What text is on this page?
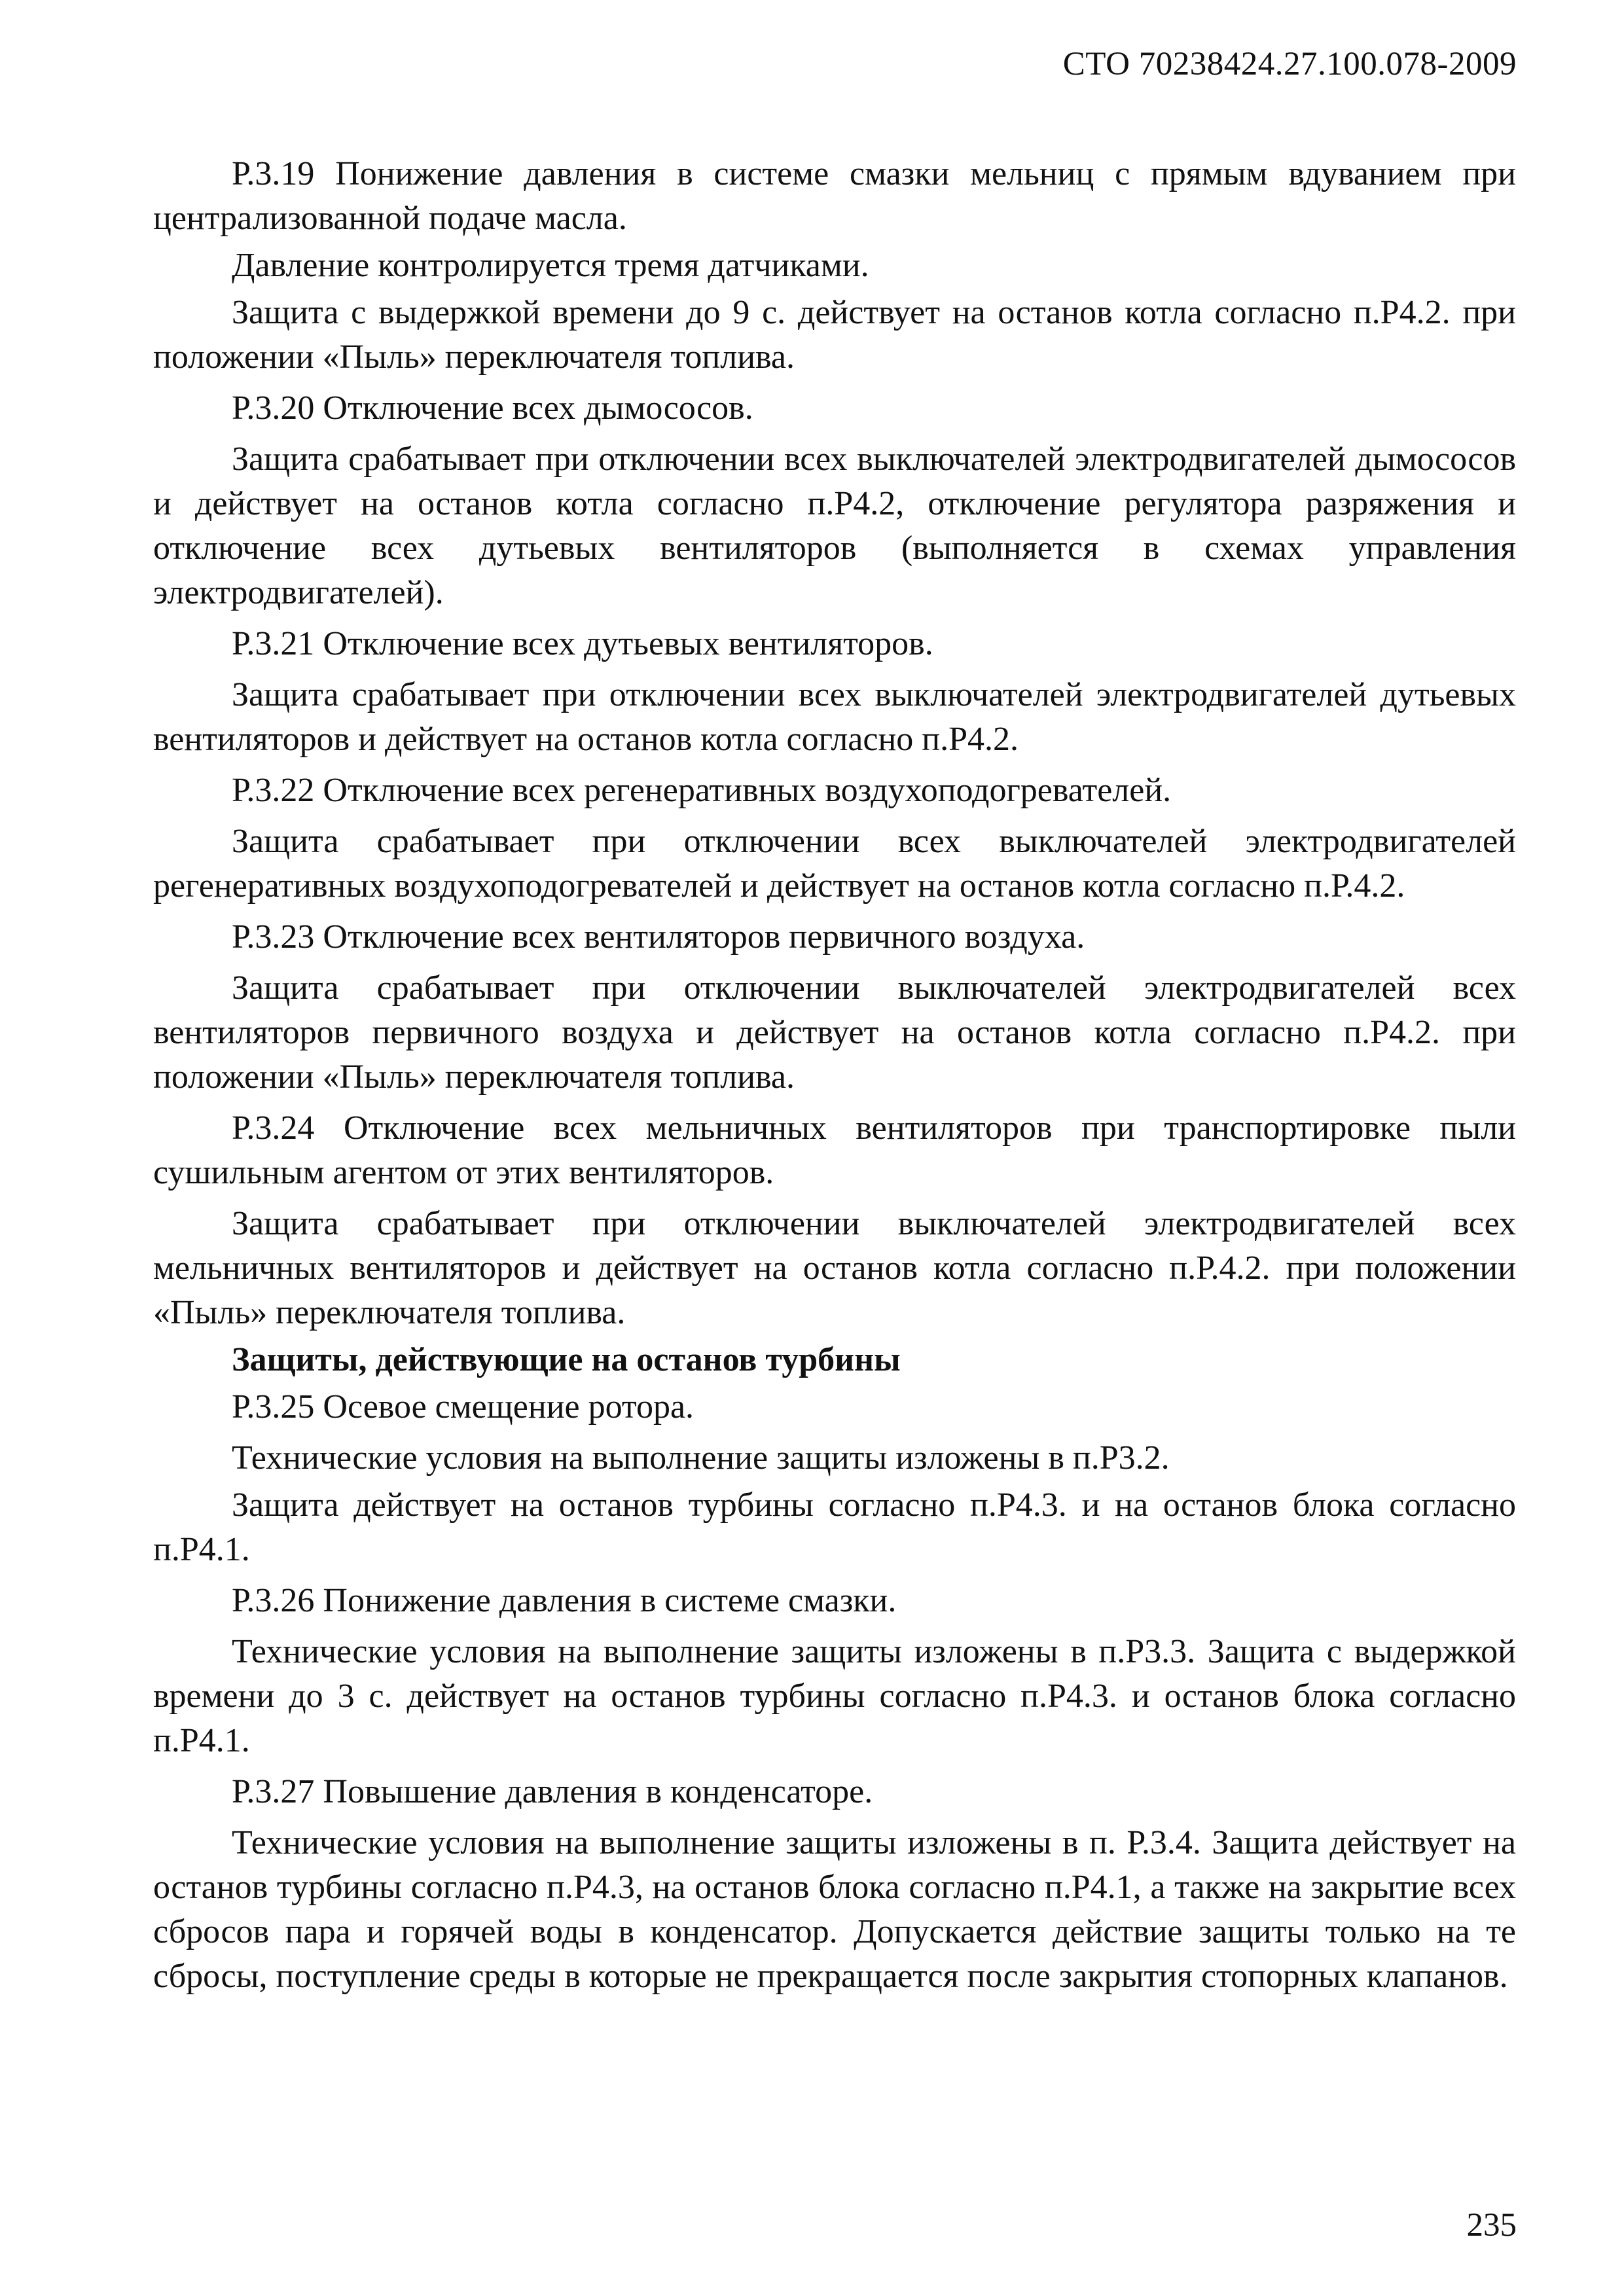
СТО 70238424.27.100.078-2009

Р.3.19 Понижение давления в системе смазки мельниц с прямым вдуванием при централизованной подаче масла.

Давление контролируется тремя датчиками.

Защита с выдержкой времени до 9 с. действует на останов котла согласно п.Р4.2. при положении «Пыль» переключателя топлива.

Р.3.20 Отключение всех дымососов.

Защита срабатывает при отключении всех выключателей электродвигателей дымососов и действует на останов котла согласно п.Р4.2, отключение регулятора разряжения и отключение всех дутьевых вентиляторов (выполняется в схемах управления электродвигателей).

Р.3.21 Отключение всех дутьевых вентиляторов.

Защита срабатывает при отключении всех выключателей электродвигателей дутьевых вентиляторов и действует на останов котла согласно п.Р4.2.

Р.3.22 Отключение всех регенеративных воздухоподогревателей.

Защита срабатывает при отключении всех выключателей электродвигателей регенеративных воздухоподогревателей и действует на останов котла согласно п.Р.4.2.

Р.3.23 Отключение всех вентиляторов первичного воздуха.

Защита срабатывает при отключении выключателей электродвигателей всех вентиляторов первичного воздуха и действует на останов котла согласно п.Р4.2. при положении «Пыль» переключателя топлива.

Р.3.24 Отключение всех мельничных вентиляторов при транспортировке пыли сушильным агентом от этих вентиляторов.

Защита срабатывает при отключении выключателей электродвигателей всех мельничных вентиляторов и действует на останов котла согласно п.Р.4.2. при положении «Пыль» переключателя топлива.

Защиты, действующие на останов турбины

Р.3.25 Осевое смещение ротора.

Технические условия на выполнение защиты изложены в п.Р3.2.

Защита действует на останов турбины согласно п.Р4.3. и на останов блока согласно п.Р4.1.

Р.3.26 Понижение давления в системе смазки.

Технические условия на выполнение защиты изложены в п.Р3.3. Защита с выдержкой времени до 3 с. действует на останов турбины согласно п.Р4.3. и останов блока согласно п.Р4.1.

Р.3.27 Повышение давления в конденсаторе.

Технические условия на выполнение защиты изложены в п. Р.3.4. Защита действует на останов турбины согласно п.Р4.3, на останов блока согласно п.Р4.1, а также на закрытие всех сбросов пара и горячей воды в конденсатор. Допускается действие защиты только на те сбросы, поступление среды в которые не прекращается после закрытия стопорных клапанов.

235
